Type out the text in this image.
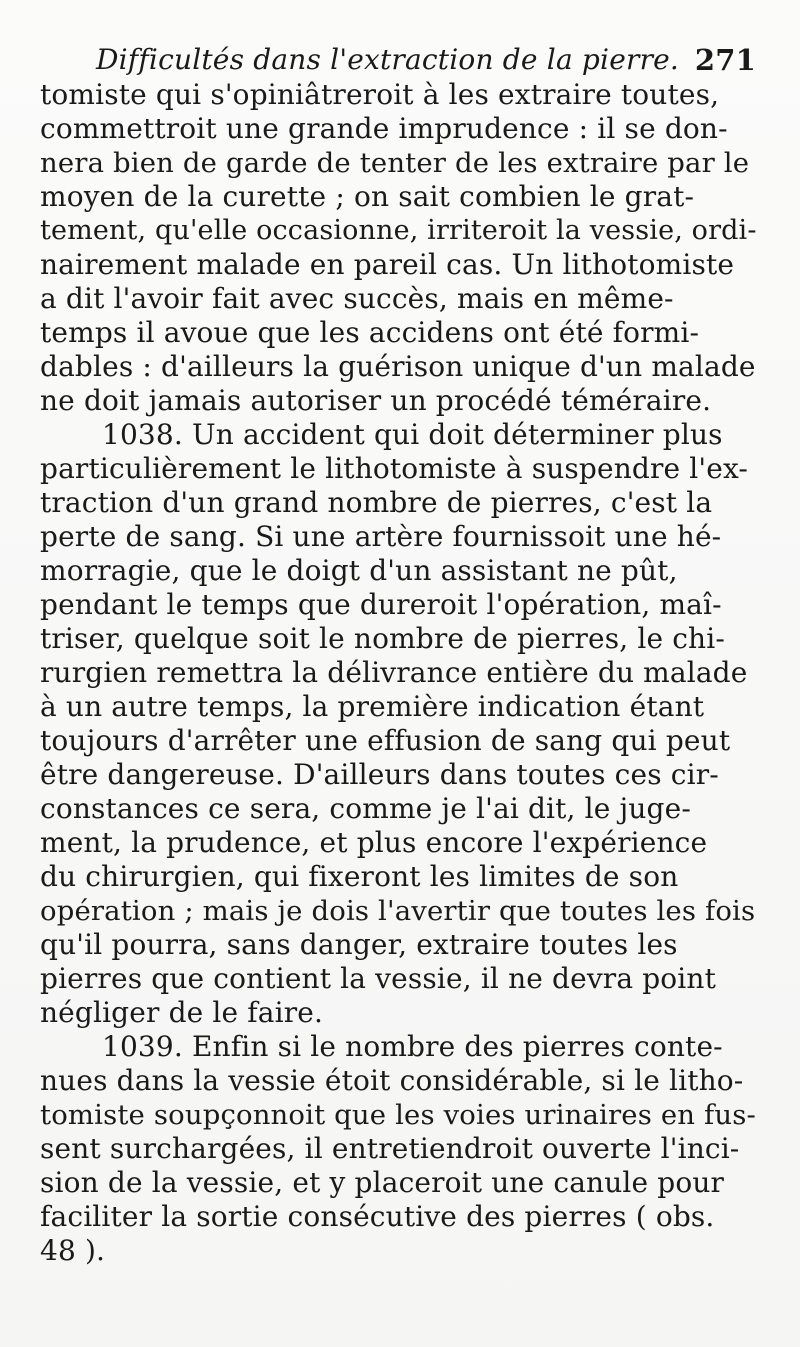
Difficultés dans l'extraction de la pierre. 271
tomiste qui s'opiniâtreroit à les extraire toutes,
commettroit une grande imprudence : il se don-
nera bien de garde de tenter de les extraire par le
moyen de la curette ; on sait combien le grat-
tement, qu'elle occasionne, irriteroit la vessie, ordi-
nairement malade en pareil cas. Un lithotomiste
a dit l'avoir fait avec succès, mais en même-
temps il avoue que les accidens ont été formi-
dables : d'ailleurs la guérison unique d'un malade
ne doit jamais autoriser un procédé téméraire.
1038. Un accident qui doit déterminer plus
particulièrement le lithotomiste à suspendre l'ex-
traction d'un grand nombre de pierres, c'est la
perte de sang. Si une artère fournissoit une hé-
morragie, que le doigt d'un assistant ne pût,
pendant le temps que dureroit l'opération, maî-
triser, quelque soit le nombre de pierres, le chi-
rurgien remettra la délivrance entière du malade
à un autre temps, la première indication étant
toujours d'arrêter une effusion de sang qui peut
être dangereuse. D'ailleurs dans toutes ces cir-
constances ce sera, comme je l'ai dit, le juge-
ment, la prudence, et plus encore l'expérience
du chirurgien, qui fixeront les limites de son
opération ; mais je dois l'avertir que toutes les fois
qu'il pourra, sans danger, extraire toutes les
pierres que contient la vessie, il ne devra point
négliger de le faire.
1039. Enfin si le nombre des pierres conte-
nues dans la vessie étoit considérable, si le litho-
tomiste soupçonnoit que les voies urinaires en fus-
sent surchargées, il entretiendroit ouverte l'inci-
sion de la vessie, et y placeroit une canule pour
faciliter la sortie consécutive des pierres ( obs.
48 ).
